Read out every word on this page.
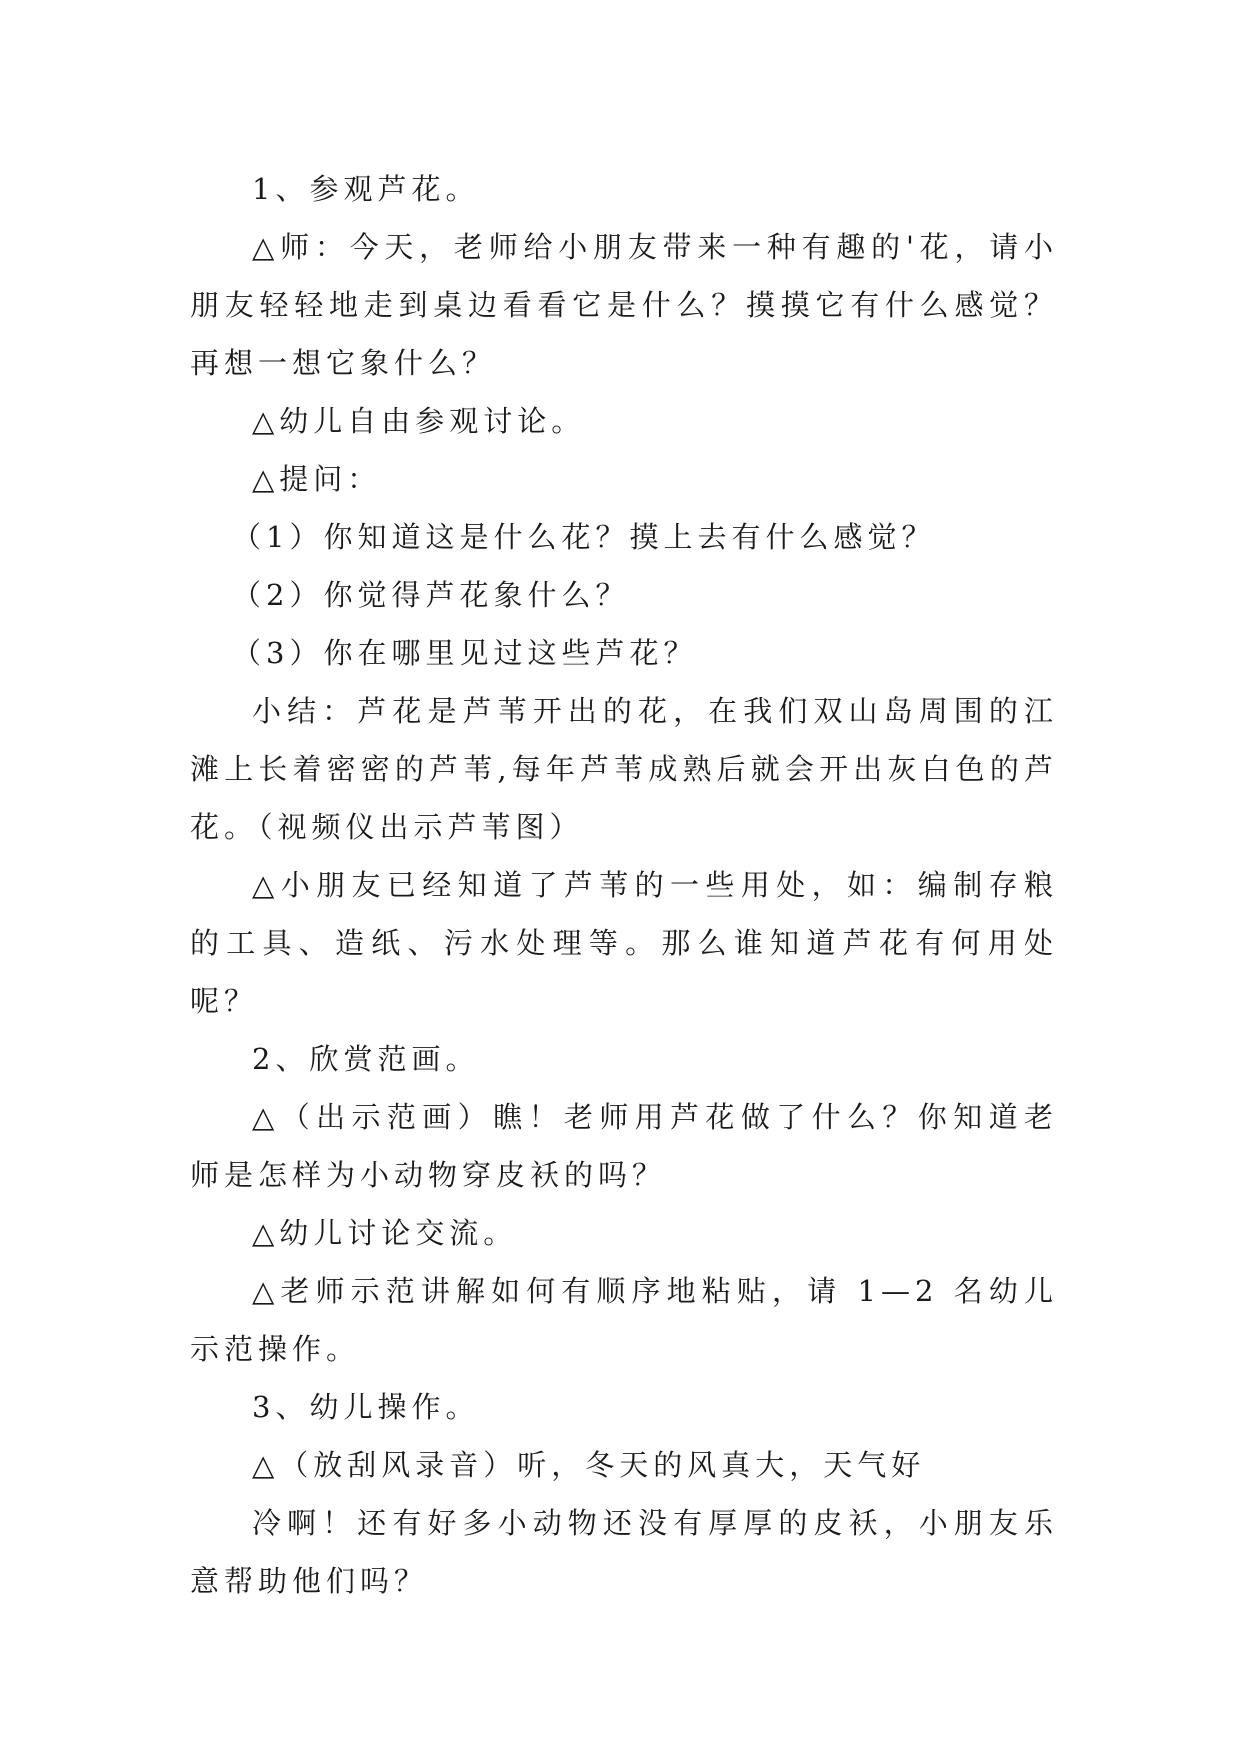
1、参观芦花。

△师：今天，老师给小朋友带来一种有趣的'花，请小朋友轻轻地走到桌边看看它是什么？摸摸它有什么感觉？再想一想它象什么？

△幼儿自由参观讨论。

△提问：

（1）你知道这是什么花？摸上去有什么感觉？

（2）你觉得芦花象什么？

（3）你在哪里见过这些芦花？

小结：芦花是芦苇开出的花，在我们双山岛周围的江滩上长着密密的芦苇,每年芦苇成熟后就会开出灰白色的芦花。（视频仪出示芦苇图）

△小朋友已经知道了芦苇的一些用处，如：编制存粮的工具、造纸、污水处理等。那么谁知道芦花有何用处呢？

2、欣赏范画。

△（出示范画）瞧！老师用芦花做了什么？你知道老师是怎样为小动物穿皮袄的吗？

△幼儿讨论交流。

△老师示范讲解如何有顺序地粘贴，请 1—2 名幼儿示范操作。

3、幼儿操作。

△（放刮风录音）听，冬天的风真大，天气好

冷啊！还有好多小动物还没有厚厚的皮袄，小朋友乐意帮助他们吗？
